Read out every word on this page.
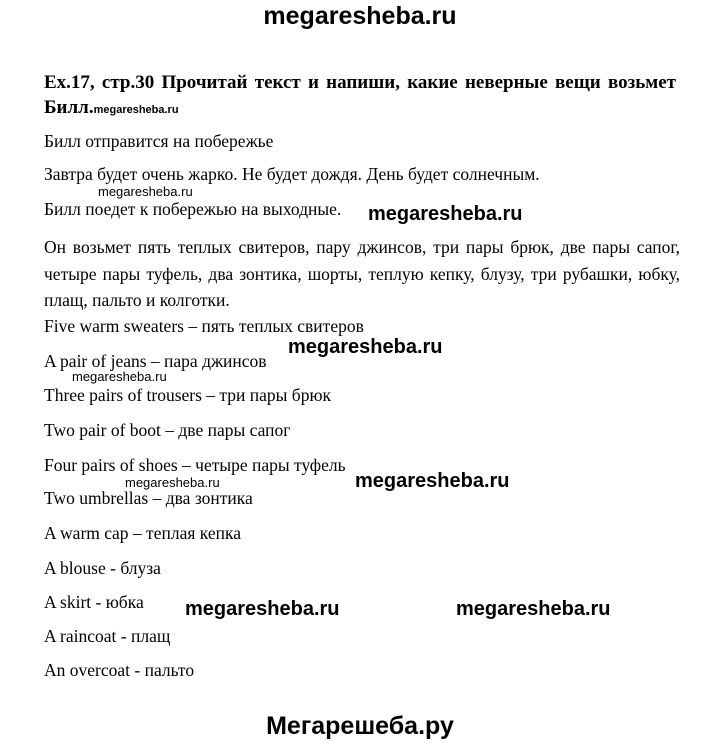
megaresheba.ru
Ex.17, стр.30 Прочитай текст и напиши, какие неверные вещи возьмет Билл.megaresheba.ru
Билл отправится на побережье
Завтра будет очень жарко. Не будет дождя. День будет солнечным.
megaresheba.ru
Билл поедет к побережью на выходные. megaresheba.ru
Он возьмет пять теплых свитеров, пару джинсов, три пары брюк, две пары сапог, четыре пары туфель, два зонтика, шорты, теплую кепку, блузу, три рубашки, юбку, плащ, пальто и колготки.
Five warm sweaters – пять теплых свитеров
A pair of jeans – пара джинсов
megaresheba.ru
megaresheba.ru
Three pairs of trousers – три пары брюк
Two pair of boot – две пары сапог
Four pairs of shoes – четыре пары туфель
megaresheba.ru	megaresheba.ru
Two umbrellas – два зонтика
A warm cap – теплая кепка
A blouse - блуза
A skirt - юбка megaresheba.ru	megaresheba.ru
A raincoat - плащ
An overcoat - пальто
Мегарешеба.ру
